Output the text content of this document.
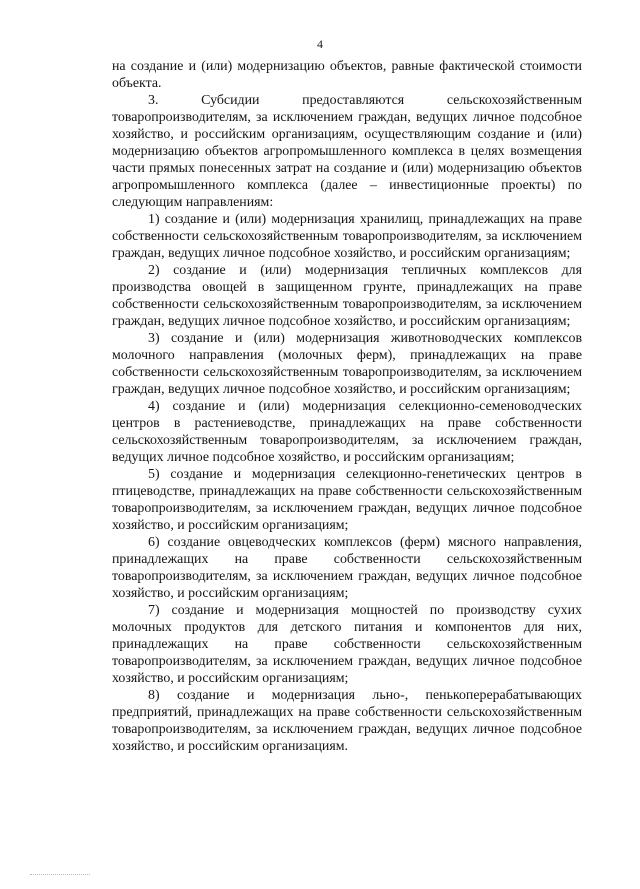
4

на создание и (или) модернизацию объектов, равные фактической стоимости объекта.

3. Субсидии предоставляются сельскохозяйственным товаропроизводителям, за исключением граждан, ведущих личное подсобное хозяйство, и российским организациям, осуществляющим создание и (или) модернизацию объектов агропромышленного комплекса в целях возмещения части прямых понесенных затрат на создание и (или) модернизацию объектов агропромышленного комплекса (далее – инвестиционные проекты) по следующим направлениям:

1) создание и (или) модернизация хранилищ, принадлежащих на праве собственности сельскохозяйственным товаропроизводителям, за исключением граждан, ведущих личное подсобное хозяйство, и российским организациям;

2) создание и (или) модернизация тепличных комплексов для производства овощей в защищенном грунте, принадлежащих на праве собственности сельскохозяйственным товаропроизводителям, за исключением граждан, ведущих личное подсобное хозяйство, и российским организациям;

3) создание и (или) модернизация животноводческих комплексов молочного направления (молочных ферм), принадлежащих на праве собственности сельскохозяйственным товаропроизводителям, за исключением граждан, ведущих личное подсобное хозяйство, и российским организациям;

4) создание и (или) модернизация селекционно-семеноводческих центров в растениеводстве, принадлежащих на праве собственности сельскохозяйственным товаропроизводителям, за исключением граждан, ведущих личное подсобное хозяйство, и российским организациям;

5) создание и модернизация селекционно-генетических центров в птицеводстве, принадлежащих на праве собственности сельскохозяйственным товаропроизводителям, за исключением граждан, ведущих личное подсобное хозяйство, и российским организациям;

6) создание овцеводческих комплексов (ферм) мясного направления, принадлежащих на праве собственности сельскохозяйственным товаропроизводителям, за исключением граждан, ведущих личное подсобное хозяйство, и российским организациям;

7) создание и модернизация мощностей по производству сухих молочных продуктов для детского питания и компонентов для них, принадлежащих на праве собственности сельскохозяйственным товаропроизводителям, за исключением граждан, ведущих личное подсобное хозяйство, и российским организациям;

8) создание и модернизация льно-, пенькоперерабатывающих предприятий, принадлежащих на праве собственности сельскохозяйственным товаропроизводителям, за исключением граждан, ведущих личное подсобное хозяйство, и российским организациям.
